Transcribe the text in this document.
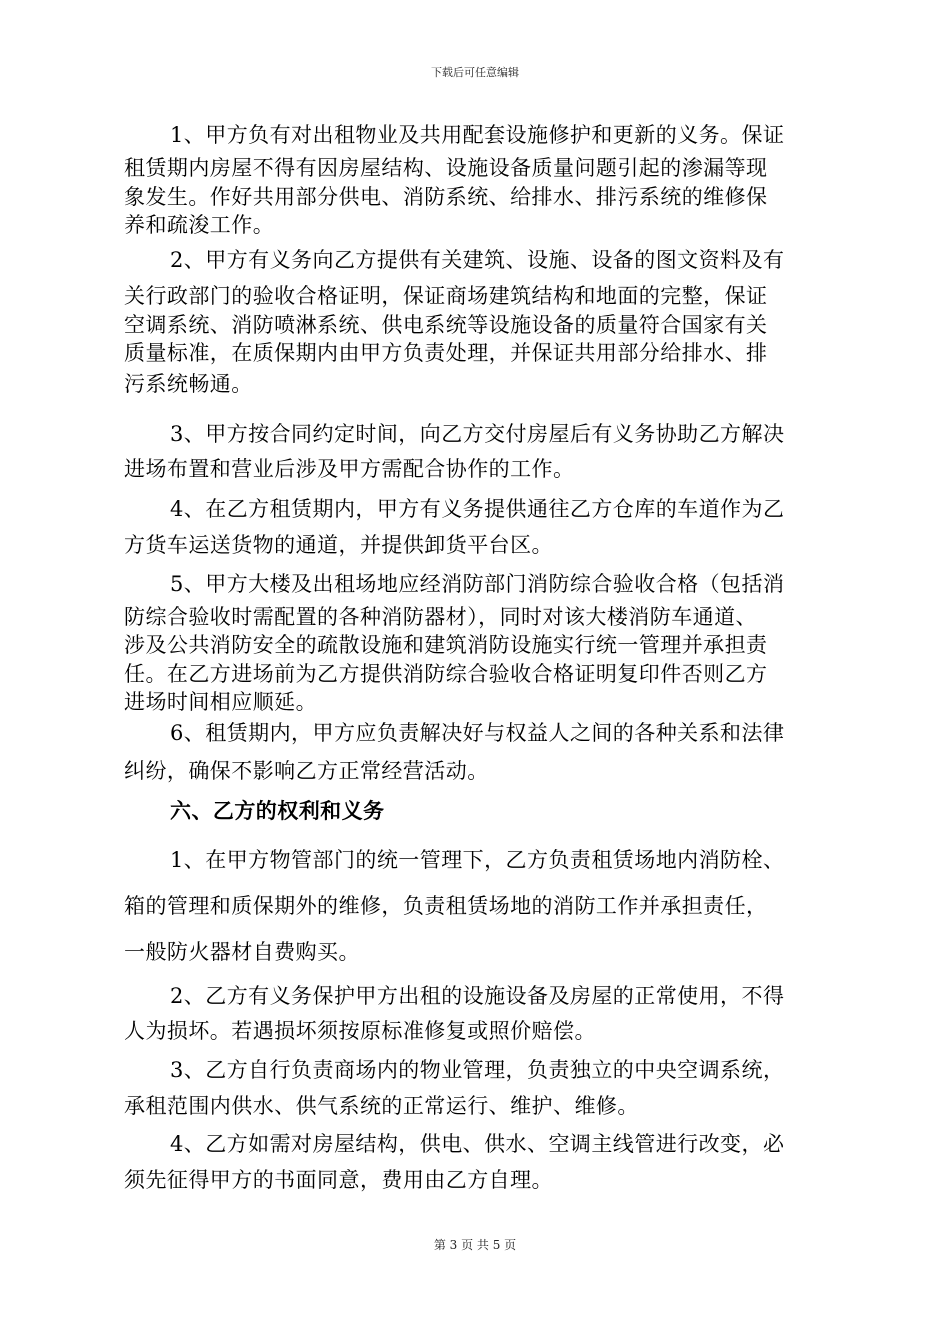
下载后可任意编辑
1、甲方负有对出租物业及共用配套设施修护和更新的义务。保证
租赁期内房屋不得有因房屋结构、设施设备质量问题引起的渗漏等现
象发生。作好共用部分供电、消防系统、给排水、排污系统的维修保
养和疏浚工作。
2、甲方有义务向乙方提供有关建筑、设施、设备的图文资料及有
关行政部门的验收合格证明，保证商场建筑结构和地面的完整，保证
空调系统、消防喷淋系统、供电系统等设施设备的质量符合国家有关
质量标准，在质保期内由甲方负责处理，并保证共用部分给排水、排
污系统畅通。
3、甲方按合同约定时间，向乙方交付房屋后有义务协助乙方解决
进场布置和营业后涉及甲方需配合协作的工作。
4、在乙方租赁期内，甲方有义务提供通往乙方仓库的车道作为乙
方货车运送货物的通道，并提供卸货平台区。
5、甲方大楼及出租场地应经消防部门消防综合验收合格（包括消
防综合验收时需配置的各种消防器材），同时对该大楼消防车通道、
涉及公共消防安全的疏散设施和建筑消防设施实行统一管理并承担责
任。在乙方进场前为乙方提供消防综合验收合格证明复印件否则乙方
进场时间相应顺延。
6、租赁期内，甲方应负责解决好与权益人之间的各种关系和法律
纠纷，确保不影响乙方正常经营活动。
六、乙方的权利和义务
1、在甲方物管部门的统一管理下，乙方负责租赁场地内消防栓、
箱的管理和质保期外的维修，负责租赁场地的消防工作并承担责任，
一般防火器材自费购买。
2、乙方有义务保护甲方出租的设施设备及房屋的正常使用，不得
人为损坏。若遇损坏须按原标准修复或照价赔偿。
3、乙方自行负责商场内的物业管理，负责独立的中央空调系统，
承租范围内供水、供气系统的正常运行、维护、维修。
4、乙方如需对房屋结构，供电、供水、空调主线管进行改变，必
须先征得甲方的书面同意，费用由乙方自理。
第 3 页 共 5 页
